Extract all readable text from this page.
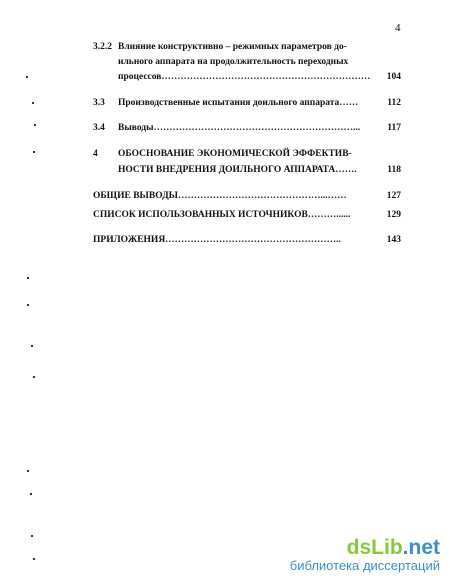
4
3.2.2 Влияние конструктивно – режимных параметров до-
ильного аппарата на продолжительность переходных
процессов…………………………………………………………	104
3.3 Производственные испытания доильного аппарата……	112
3.4 Выводы………………………………………………………...	117
4 ОБОСНОВАНИЕ ЭКОНОМИЧЕСКОЙ ЭФФЕКТИВ-
НОСТИ ВНЕДРЕНИЯ ДОИЛЬНОГО АППАРАТА…….	118
ОБЩИЕ ВЫВОДЫ………………………………………...……	127
СПИСОК ИСПОЛЬЗОВАННЫХ ИСТОЧНИКОВ………......	129
ПРИЛОЖЕНИЯ………………………………………………..	143
ds Lib .net
библиотека диссертаций
